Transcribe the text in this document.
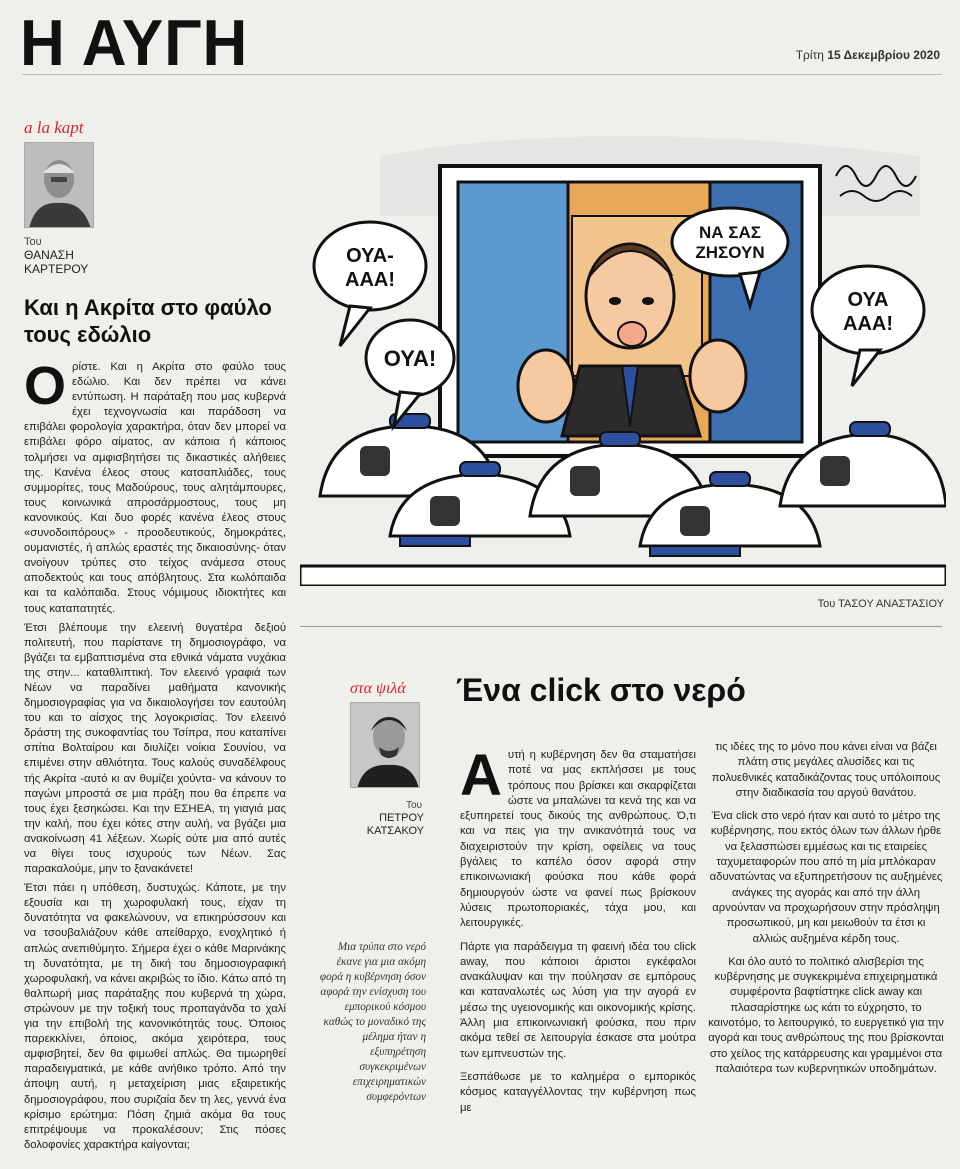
Η ΑΥΓΗ	Τρίτη 15 Δεκεμβρίου 2020
a la kapt
Του
ΘΑΝΑΣΗ ΚΑΡΤΕΡΟΥ
Και η Ακρίτα στο φαύλο τους εδώλιο

Ορίστε. Και η Ακρίτα στο φαύλο τους εδώλιο. Και δεν πρέπει να κάνει εντύπωση. Η παράταξη που μας κυβερνά έχει τεχνογνωσία και παράδοση να επιβάλει φορολογία χαρακτήρα, όταν δεν μπορεί να επιβάλει φόρο αίματος, αν κάποια ή κάποιος τολμήσει να αμφισβητήσει τις δικαστικές αλήθειες της. Κανένα έλεος στους κατσαπλιάδες, τους συμμορίτες, τους Μαδούρους, τους αλητάμπουρες, τους κοινωνικά απροσάρμοστους, τους μη κανονικούς. Και δυο φορές κανένα έλεος στους «συνοδοιπόρους» - προοδευτικούς, δημοκράτες, ουμανιστές, ή απλώς εραστές της δικαιοσύνης- όταν ανοίγουν τρύπες στο τείχος ανάμεσα στους αποδεκτούς και τους απόβλητους. Στα κωλόπαιδα και τα καλόπαιδα. Στους νόμιμους ιδιοκτήτες και τους καταπατητές.

Έτσι βλέπουμε την ελεεινή θυγατέρα δεξιού πολιτευτή, που παρίστανε τη δημοσιογράφο, να βγάζει τα εμβαπτισμένα στα εθνικά νάματα νυχάκια της στην... καταθλιπτική. Τον ελεεινό γραφιά των Νέων να παραδίνει μαθήματα κανονικής δημοσιογραφίας για να δικαιολογήσει τον εαυτούλη του και το αίσχος της λογοκρισίας. Τον ελεεινό δράστη της συκοφαντίας του Τσίπρα, που καταπίνει σπίτια Βολταίρου και διυλίζει νοίκια Σουνίου, να επιμένει στην αθλιότητα. Τους καλούς συναδέλφους τής Ακρίτα -αυτό κι αν θυμίζει χούντα- να κάνουν το παγώνι μπροστά σε μια πράξη που θα έπρεπε να τους έχει ξεσηκώσει. Και την ΕΣΗΕΑ, τη γιαγιά μας την καλή, που έχει κότες στην αυλή, να βγάζει μια ανακοίνωση 41 λέξεων. Χωρίς ούτε μια από αυτές να θίγει τους ισχυρούς των Νέων. Σας παρακαλούμε, μην το ξανακάνετε!

Έτσι πάει η υπόθεση, δυστυχώς. Κάποτε, με την εξουσία και τη χωροφυλακή τους, είχαν τη δυνατότητα να φακελώνουν, να επικηρύσσουν και να τσουβαλιάζουν κάθε απείθαρχο, ενοχλητικό ή απλώς ανεπιθύμητο. Σήμερα έχει ο κάθε Μαρινάκης τη δυνατότητα, με τη δική του δημοσιογραφική χωροφυλακή, να κάνει ακριβώς το ίδιο. Κάτω από τη θαλπωρή μιας παράταξης που κυβερνά τη χώρα, στρώνουν με την τοξική τους προπαγάνδα το χαλί για την επιβολή της κανονικότητάς τους. Όποιος παρεκκλίνει, όποιος, ακόμα χειρότερα, τους αμφισβητεί, δεν θα φιμωθεί απλώς. Θα τιμωρηθεί παραδειγματικά, με κάθε ανήθικο τρόπο. Από την άποψη αυτή, η μεταχείριση μιας εξαιρετικής δημοσιογράφου, που συριζαία δεν τη λες, γεννά ένα κρίσιμο ερώτημα: Πόση ζημιά ακόμα θα τους επιτρέψουμε να προκαλέσουν; Στις πόσες δολοφονίες χαρακτήρα καίγονται;

ΟΥΑ-
ΑΑΑ!
ΟΥΑ!
ΝΑ ΣΑΣ
ΖΗΣΟΥΝ
ΟΥΑ
ΑΑΑ!
Του ΤΑΣΟΥ ΑΝΑΣΤΑΣΙΟΥ
στα ψιλά
Του
ΠΕΤΡΟΥ ΚΑΤΣΑΚΟΥ
Ένα click στο νερό
Μια τρύπα στο νερό έκανε για μια ακόμη φορά η κυβέρνηση όσον αφορά την ενίσχυση του εμπορικού κόσμου καθώς το μοναδικό της μέλημα ήταν η εξυπηρέτηση συγκεκριμένων επιχειρηματικών συμφερόντων

Αυτή η κυβέρνηση δεν θα σταματήσει ποτέ να μας εκπλήσσει με τους τρόπους που βρίσκει και σκαρφίζεται ώστε να μπαλώνει τα κενά της και να εξυπηρετεί τους δικούς της ανθρώπους. Ό,τι και να πεις για την ανικανότητά τους να διαχειριστούν την κρίση, οφείλεις να τους βγάλεις το καπέλο όσον αφορά στην επικοινωνιακή φούσκα που κάθε φορά δημιουργούν ώστε να φανεί πως βρίσκουν λύσεις πρωτοποριακές, τάχα μου, και λειτουργικές.

Πάρτε για παράδειγμα τη φαεινή ιδέα του click away, που κάποιοι άριστοι εγκέφαλοι ανακάλυψαν και την πούλησαν σε εμπόρους και καταναλωτές ως λύση για την αγορά εν μέσω της υγειονομικής και οικονομικής κρίσης. Άλλη μια επικοινωνιακή φούσκα, που πριν ακόμα τεθεί σε λειτουργία έσκασε στα μούτρα των εμπνευστών της.

Ξεσπάθωσε με το καλημέρα ο εμπορικός κόσμος καταγγέλλοντας την κυβέρνηση πως με

τις ιδέες της το μόνο που κάνει είναι να βάζει πλάτη στις μεγάλες αλυσίδες και τις πολυεθνικές καταδικάζοντας τους υπόλοιπους στην διαδικασία του αργού θανάτου.

Ένα click στο νερό ήταν και αυτό το μέτρο της κυβέρνησης, που εκτός όλων των άλλων ήρθε να ξελασπώσει εμμέσως και τις εταιρείες ταχυμεταφορών που από τη μία μπλόκαραν αδυνατώντας να εξυπηρετήσουν τις αυξημένες ανάγκες της αγοράς και από την άλλη αρνούνταν να προχωρήσουν στην πρόσληψη προσωπικού, μη και μειωθούν τα έτσι κι αλλιώς αυξημένα κέρδη τους.

Και όλο αυτό το πολιτικό αλισβερίσι της κυβέρνησης με συγκεκριμένα επιχειρηματικά συμφέροντα βαφτίστηκε click away και πλασαρίστηκε ως κάτι το εύχρηστο, το καινοτόμο, το λειτουργικό, το ευεργετικό για την αγορά και τους ανθρώπους της που βρίσκονται στο χείλος της κατάρρευσης και γραμμένοι στα παλαιότερα των κυβερνητικών υποδημάτων.
